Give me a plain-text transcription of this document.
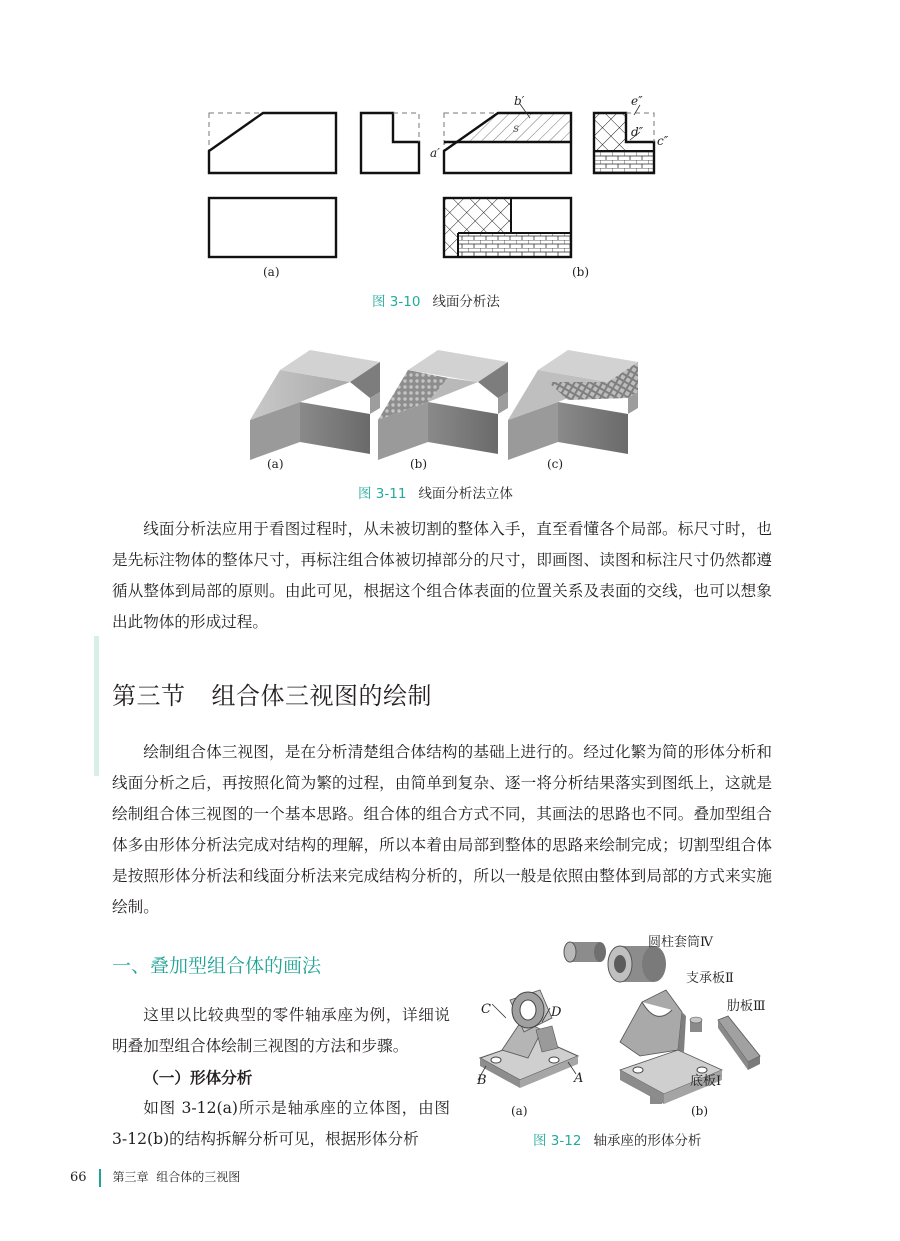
b′
a′
s
e″
d″
c″
(a)	(b)
图 3-10 线面分析法
(a)	(b)	(c)
图 3-11 线面分析法立体

线面分析法应用于看图过程时，从未被切割的整体入手，直至看懂各个局部。标尺寸时，也是先标注物体的整体尺寸，再标注组合体被切掉部分的尺寸，即画图、读图和标注尺寸仍然都遵循从整体到局部的原则。由此可见，根据这个组合体表面的位置关系及表面的交线，也可以想象出此物体的形成过程。

第三节 组合体三视图的绘制

绘制组合体三视图，是在分析清楚组合体结构的基础上进行的。经过化繁为简的形体分析和线面分析之后，再按照化简为繁的过程，由简单到复杂、逐一将分析结果落实到图纸上，这就是绘制组合体三视图的一个基本思路。组合体的组合方式不同，其画法的思路也不同。叠加型组合体多由形体分析法完成对结构的理解，所以本着由局部到整体的思路来绘制完成；切割型组合体是按照形体分析法和线面分析法来完成结构分析的，所以一般是依照由整体到局部的方式来实施绘制。

一、叠加型组合体的画法

这里以比较典型的零件轴承座为例，详细说明叠加型组合体绘制三视图的方法和步骤。

（一）形体分析

如图 3-12(a)所示是轴承座的立体图，由图 3-12(b)的结构拆解分析可见，根据形体分析

C	D
B	A
圆柱套筒Ⅳ
支承板Ⅱ
肋板Ⅲ
底板Ⅰ
(a)	(b)
图 3-12 轴承座的形体分析
66 第三章 组合体的三视图
